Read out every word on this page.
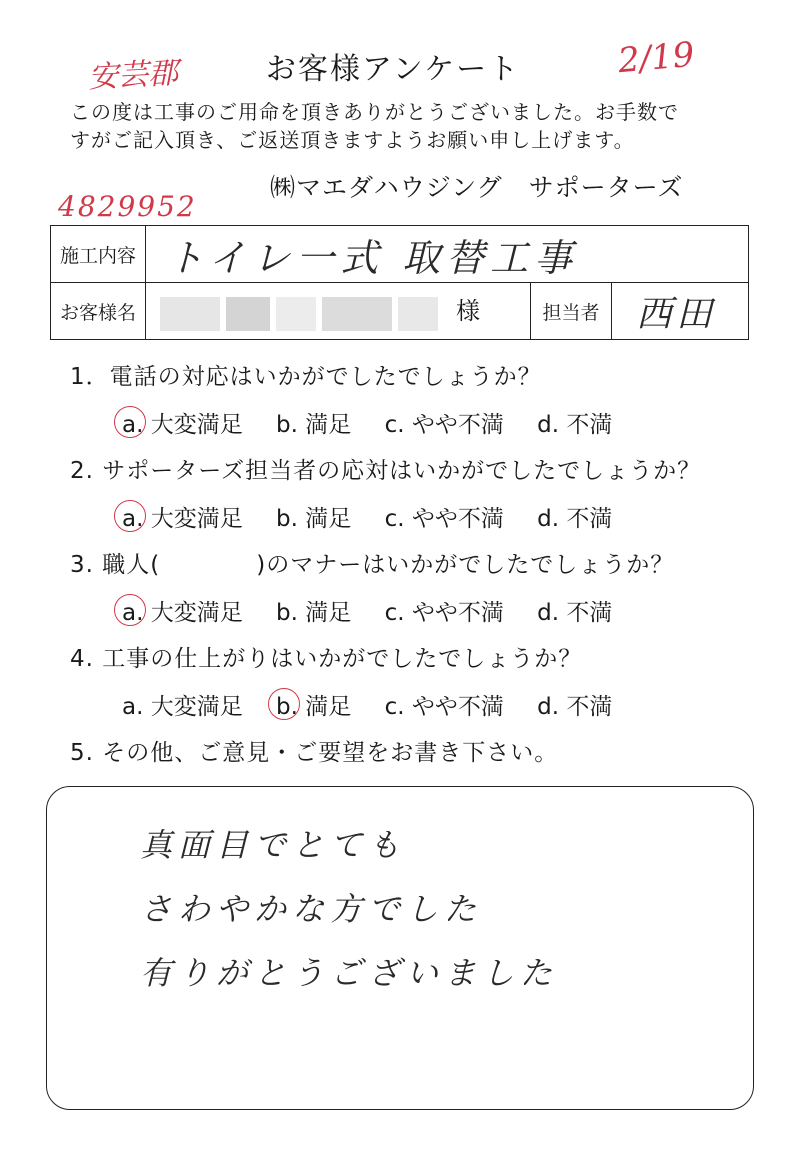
安芸郡	2/19
お客様アンケート
この度は工事のご用命を頂きありがとうございました。お手数で
すがご記入頂き、ご返送頂きますようお願い申し上げます。
㈱マエダハウジング　サポーターズ
4829952
施工内容	トイレ一式 取替工事		
お客様名	様	担当者	西田
1．電話の対応はいかがでしたでしょうか？
a. 大変満足 b. 満足 c. やや不満 d. 不満
2. サポーターズ担当者の応対はいかがでしたでしょうか？
a. 大変満足 b. 満足 c. やや不満 d. 不満
3. 職人(　　　　)のマナーはいかがでしたでしょうか？
a. 大変満足 b. 満足 c. やや不満 d. 不満
4. 工事の仕上がりはいかがでしたでしょうか？
a. 大変満足 b. 満足 c. やや不満 d. 不満
5. その他、ご意見・ご要望をお書き下さい。
真面目でとても
さわやかな方でした
有りがとうございました
